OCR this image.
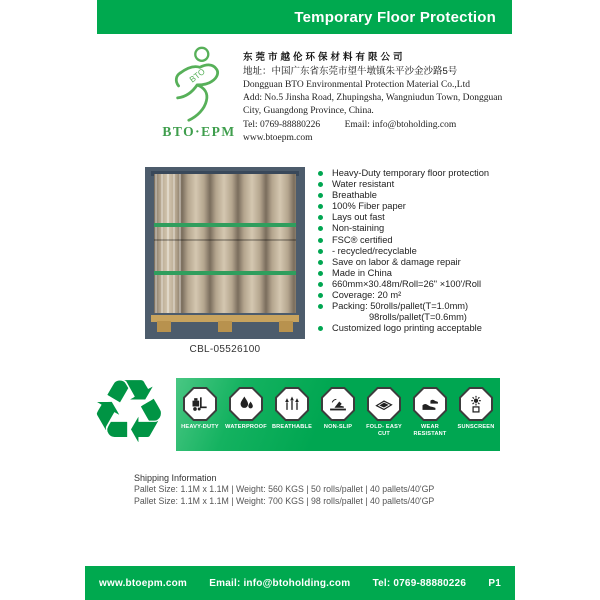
Temporary Floor Protection
BTO
BTO·EPM
东莞市越伦环保材料有限公司
地址：中国广东省东莞市望牛墩镇朱平沙金沙路5号
Dongguan BTO Environmental Protection Material Co.,Ltd
Add: No.5 Jinsha Road, Zhupingsha, Wangniudun Town, Dongguan
City, Guangdong Province, China.
Tel: 0769-88880226	Email: info@btoholding.com
www.btoepm.com
CBL-05526100
Heavy-Duty temporary floor protection
Water resistant
Breathable
100% Fiber paper
Lays out fast
Non-staining
FSC® certified
- recycled/recyclable
Save on labor & damage repair
Made in China
660mm×30.48m/Roll=26" ×100'/Roll
Coverage: 20 m²
Packing: 50rolls/pallet(T=1.0mm)
98rolls/pallet(T=0.6mm)
Customized logo printing acceptable
♻	HEAVY-DUTY	WATERPROOF BREATHABLE	NON-SLIP	FOLD- EASY CUT
WEAR RESISTANT
SUNSCREEN
Shipping Information
Pallet Size: 1.1M x 1.1M | Weight: 560 KGS | 50 rolls/pallet | 40 pallets/40'GP
Pallet Size: 1.1M x 1.1M | Weight: 700 KGS | 98 rolls/pallet | 40 pallets/40'GP
www.btoepm.com Email: info@btoholding.com Tel: 0769-88880226 P1
